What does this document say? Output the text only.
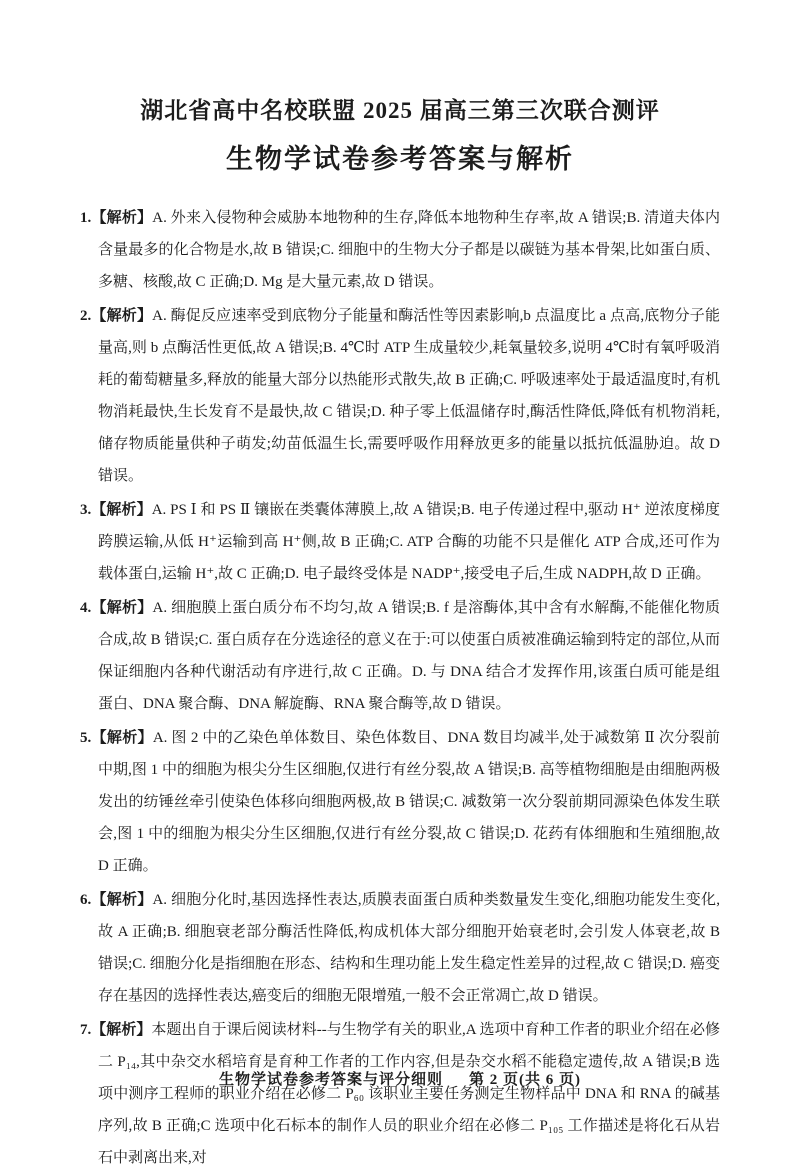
湖北省高中名校联盟 2025 届高三第三次联合测评
生物学试卷参考答案与解析

1.【解析】A. 外来入侵物种会威胁本地物种的生存,降低本地物种生存率,故 A 错误;B. 清道夫体内含量最多的化合物是水,故 B 错误;C. 细胞中的生物大分子都是以碳链为基本骨架,比如蛋白质、多糖、核酸,故 C 正确;D. Mg 是大量元素,故 D 错误。

2.【解析】A. 酶促反应速率受到底物分子能量和酶活性等因素影响,b 点温度比 a 点高,底物分子能量高,则 b 点酶活性更低,故 A 错误;B. 4℃时 ATP 生成量较少,耗氧量较多,说明 4℃时有氧呼吸消耗的葡萄糖量多,释放的能量大部分以热能形式散失,故 B 正确;C. 呼吸速率处于最适温度时,有机物消耗最快,生长发育不是最快,故 C 错误;D. 种子零上低温储存时,酶活性降低,降低有机物消耗,储存物质能量供种子萌发;幼苗低温生长,需要呼吸作用释放更多的能量以抵抗低温胁迫。故 D 错误。

3.【解析】A. PS Ⅰ 和 PS Ⅱ 镶嵌在类囊体薄膜上,故 A 错误;B. 电子传递过程中,驱动 H⁺ 逆浓度梯度跨膜运输,从低 H⁺运输到高 H⁺侧,故 B 正确;C. ATP 合酶的功能不只是催化 ATP 合成,还可作为载体蛋白,运输 H⁺,故 C 正确;D. 电子最终受体是 NADP⁺,接受电子后,生成 NADPH,故 D 正确。

4.【解析】A. 细胞膜上蛋白质分布不均匀,故 A 错误;B. f 是溶酶体,其中含有水解酶,不能催化物质合成,故 B 错误;C. 蛋白质存在分选途径的意义在于:可以使蛋白质被准确运输到特定的部位,从而保证细胞内各种代谢活动有序进行,故 C 正确。D. 与 DNA 结合才发挥作用,该蛋白质可能是组蛋白、DNA 聚合酶、DNA 解旋酶、RNA 聚合酶等,故 D 错误。

5.【解析】A. 图 2 中的乙染色单体数目、染色体数目、DNA 数目均减半,处于减数第 Ⅱ 次分裂前中期,图 1 中的细胞为根尖分生区细胞,仅进行有丝分裂,故 A 错误;B. 高等植物细胞是由细胞两极发出的纺锤丝牵引使染色体移向细胞两极,故 B 错误;C. 减数第一次分裂前期同源染色体发生联会,图 1 中的细胞为根尖分生区细胞,仅进行有丝分裂,故 C 错误;D. 花药有体细胞和生殖细胞,故 D 正确。

6.【解析】A. 细胞分化时,基因选择性表达,质膜表面蛋白质种类数量发生变化,细胞功能发生变化,故 A 正确;B. 细胞衰老部分酶活性降低,构成机体大部分细胞开始衰老时,会引发人体衰老,故 B 错误;C. 细胞分化是指细胞在形态、结构和生理功能上发生稳定性差异的过程,故 C 错误;D. 癌变存在基因的选择性表达,癌变后的细胞无限增殖,一般不会正常凋亡,故 D 错误。

7.【解析】本题出自于课后阅读材料--与生物学有关的职业,A 选项中育种工作者的职业介绍在必修二 P₁₄,其中杂交水稻培育是育种工作者的工作内容,但是杂交水稻不能稳定遗传,故 A 错误;B 选项中测序工程师的职业介绍在必修二 P₆₀ 该职业主要任务测定生物样品中 DNA 和 RNA 的碱基序列,故 B 正确;C 选项中化石标本的制作人员的职业介绍在必修二 P₁₀₅ 工作描述是将化石从岩石中剥离出来,对

生物学试卷参考答案与评分细则 第 2 页(共 6 页)
